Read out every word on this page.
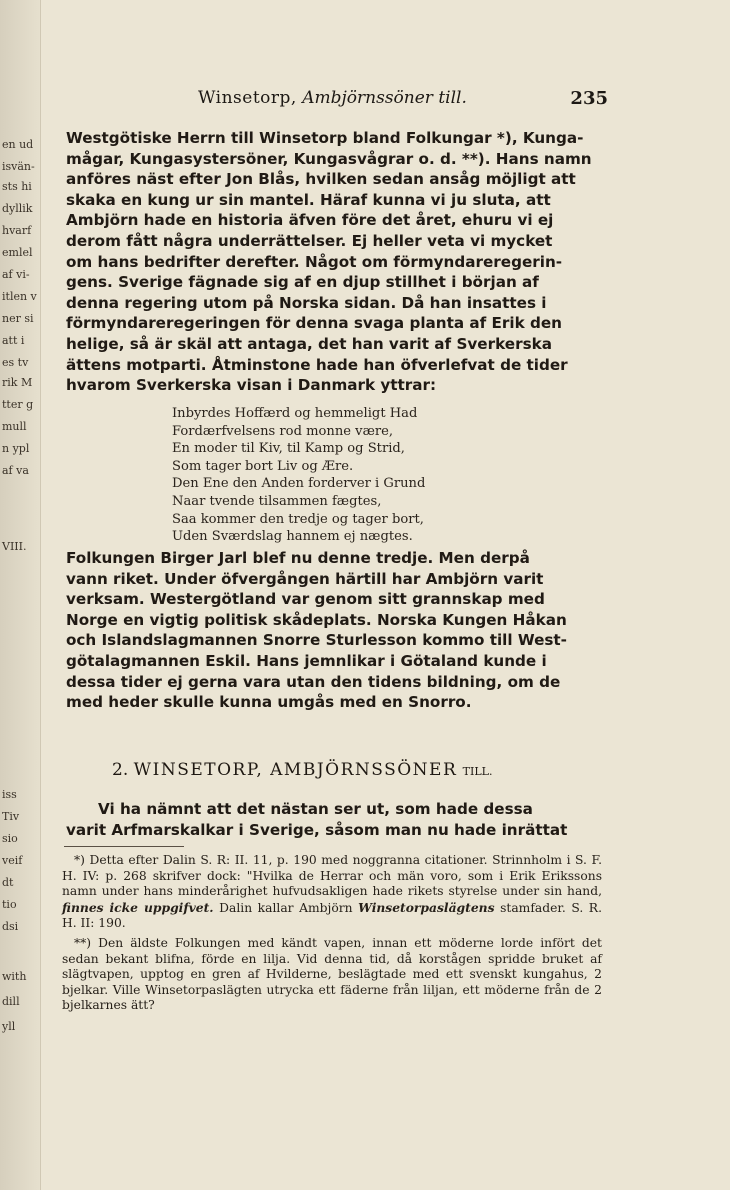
en ud
isvän-
sts hi
dyllik
hvarf
emlel
af vi-
itlen v
ner si
att i
es tv
rik M
tter g
mull
n ypl
af va
VIII.
iss
Tiv
sio
veif
dt
tio
dsi
with
dill
yll
Winsetorp, Ambjörnssöner till.	235
Westgötiske Herrn till Winsetorp bland Folkungar *), Kunga-
mågar, Kungasystersöner, Kungasvågrar o. d. **). Hans namn
anföres näst efter Jon Blås, hvilken sedan ansåg möjligt att
skaka en kung ur sin mantel. Häraf kunna vi ju sluta, att
Ambjörn hade en historia äfven före det året, ehuru vi ej
derom fått några underrättelser. Ej heller veta vi mycket
om hans bedrifter derefter. Något om förmyndareregerin-
gens. Sverige fägnade sig af en djup stillhet i början af
denna regering utom på Norska sidan. Då han insattes i
förmyndareregeringen för denna svaga planta af Erik den
helige, så är skäl att antaga, det han varit af Sverkerska
ättens motparti. Åtminstone hade han öfverlefvat de tider
hvarom Sverkerska visan i Danmark yttrar:
Inbyrdes Hoffærd og hemmeligt Had
Fordærfvelsens rod monne være,
En moder til Kiv, til Kamp og Strid,
Som tager bort Liv og Ære.
Den Ene den Anden forderver i Grund
Naar tvende tilsammen fægtes,
Saa kommer den tredje og tager bort,
Uden Sværdslag hannem ej nægtes.
Folkungen Birger Jarl blef nu denne tredje. Men derpå
vann riket. Under öfvergången härtill har Ambjörn varit
verksam. Westergötland var genom sitt grannskap med
Norge en vigtig politisk skådeplats. Norska Kungen Håkan
och Islandslagmannen Snorre Sturlesson kommo till West-
götalagmannen Eskil. Hans jemnlikar i Götaland kunde i
dessa tider ej gerna vara utan den tidens bildning, om de
med heder skulle kunna umgås med en Snorro.
2. WINSETORP, AMBJÖRNSSÖNER TILL.
Vi ha nämnt att det nästan ser ut, som hade dessa
varit Arfmarskalkar i Sverige, såsom man nu hade inrättat
*) Detta efter Dalin S. R: II. 11, p. 190 med noggranna citationer. Strinnholm i S. F. H. IV: p. 268 skrifver dock: "Hvilka de Herrar och män voro, som i Erik Erikssons namn under hans minderårighet hufvudsakligen hade rikets styrelse under sin hand, finnes icke uppgifvet. Dalin kallar Ambjörn Winsetorpaslägtens stamfader. S. R. H. II: 190.
**) Den äldste Folkungen med kändt vapen, innan ett möderne lorde infört det sedan bekant blifna, förde en lilja. Vid denna tid, då korstågen spridde bruket af slägtvapen, upptog en gren af Hvilderne, beslägtade med ett svenskt kungahus, 2 bjelkar. Ville Winsetorpaslägten utrycka ett fäderne från liljan, ett möderne från de 2 bjelkarnes ätt?
